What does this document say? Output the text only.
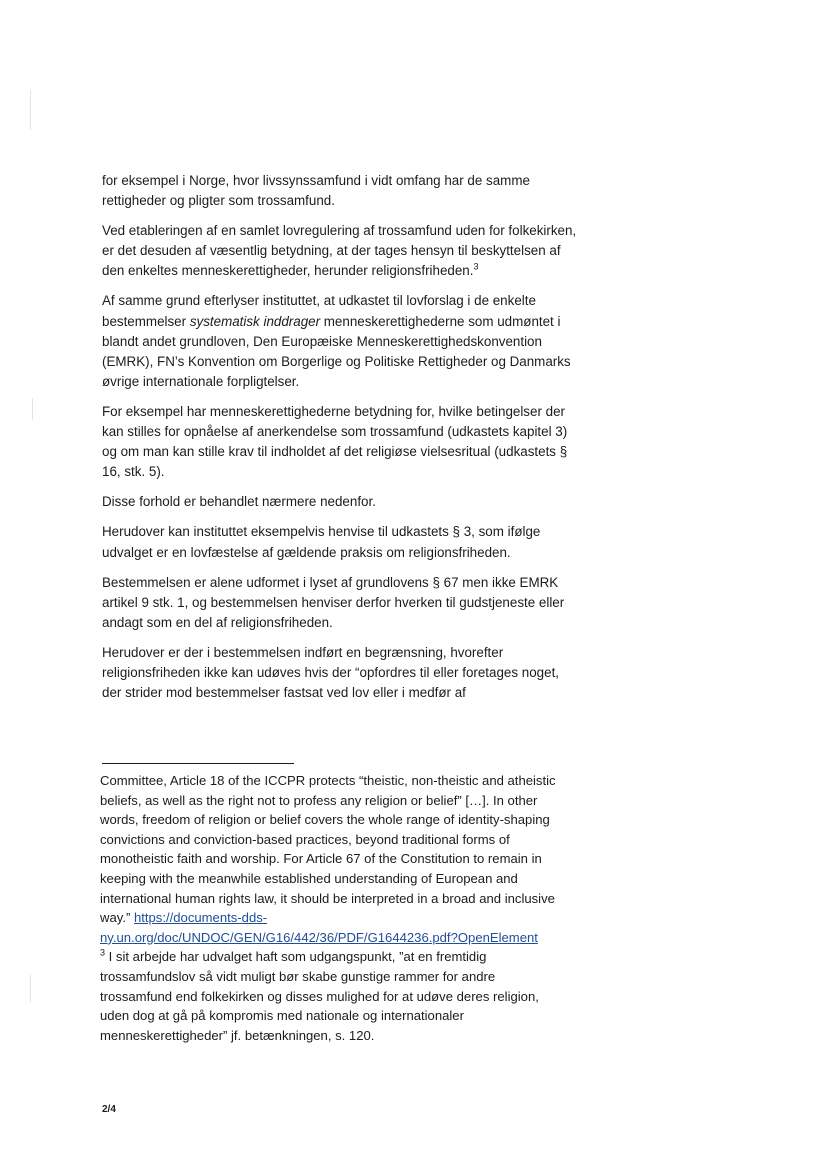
for eksempel i Norge, hvor livssynssamfund i vidt omfang har de samme rettigheder og pligter som trossamfund.

Ved etableringen af en samlet lovregulering af trossamfund uden for folkekirken, er det desuden af væsentlig betydning, at der tages hensyn til beskyttelsen af den enkeltes menneskerettigheder, herunder religionsfriheden.$^3$

Af samme grund efterlyser instituttet, at udkastet til lovforslag i de enkelte bestemmelser systematisk inddrager menneskerettighederne som udmøntet i blandt andet grundloven, Den Europæiske Menneskerettighedskonvention (EMRK), FN’s Konvention om Borgerlige og Politiske Rettigheder og Danmarks øvrige internationale forpligtelser.

For eksempel har menneskerettighederne betydning for, hvilke betingelser der kan stilles for opnåelse af anerkendelse som trossamfund (udkastets kapitel 3) og om man kan stille krav til indholdet af det religiøse vielsesritual (udkastets § 16, stk. 5).

Disse forhold er behandlet nærmere nedenfor.

Herudover kan instituttet eksempelvis henvise til udkastets § 3, som ifølge udvalget er en lovfæstelse af gældende praksis om religionsfriheden.

Bestemmelsen er alene udformet i lyset af grundlovens § 67 men ikke EMRK artikel 9 stk. 1, og bestemmelsen henviser derfor hverken til gudstjeneste eller andagt som en del af religionsfriheden.

Herudover er der i bestemmelsen indført en begrænsning, hvorefter religionsfriheden ikke kan udøves hvis der “opfordres til eller foretages noget, der strider mod bestemmelser fastsat ved lov eller i medfør af

Committee, Article 18 of the ICCPR protects “theistic, non-theistic and atheistic beliefs, as well as the right not to profess any religion or belief” […]. In other words, freedom of religion or belief covers the whole range of identity-shaping convictions and conviction-based practices, beyond traditional forms of monotheistic faith and worship. For Article 67 of the Constitution to remain in keeping with the meanwhile established understanding of European and international human rights law, it should be interpreted in a broad and inclusive way.” https://documents-dds-ny.un.org/doc/UNDOC/GEN/G16/442/36/PDF/G1644236.pdf?OpenElement

$^3$ I sit arbejde har udvalget haft som udgangspunkt, ”at en fremtidig trossamfundslov så vidt muligt bør skabe gunstige rammer for andre trossamfund end folkekirken og disses mulighed for at udøve deres religion, uden dog at gå på kompromis med nationale og internationaler menneskerettigheder” jf. betænkningen, s. 120.

2/4
